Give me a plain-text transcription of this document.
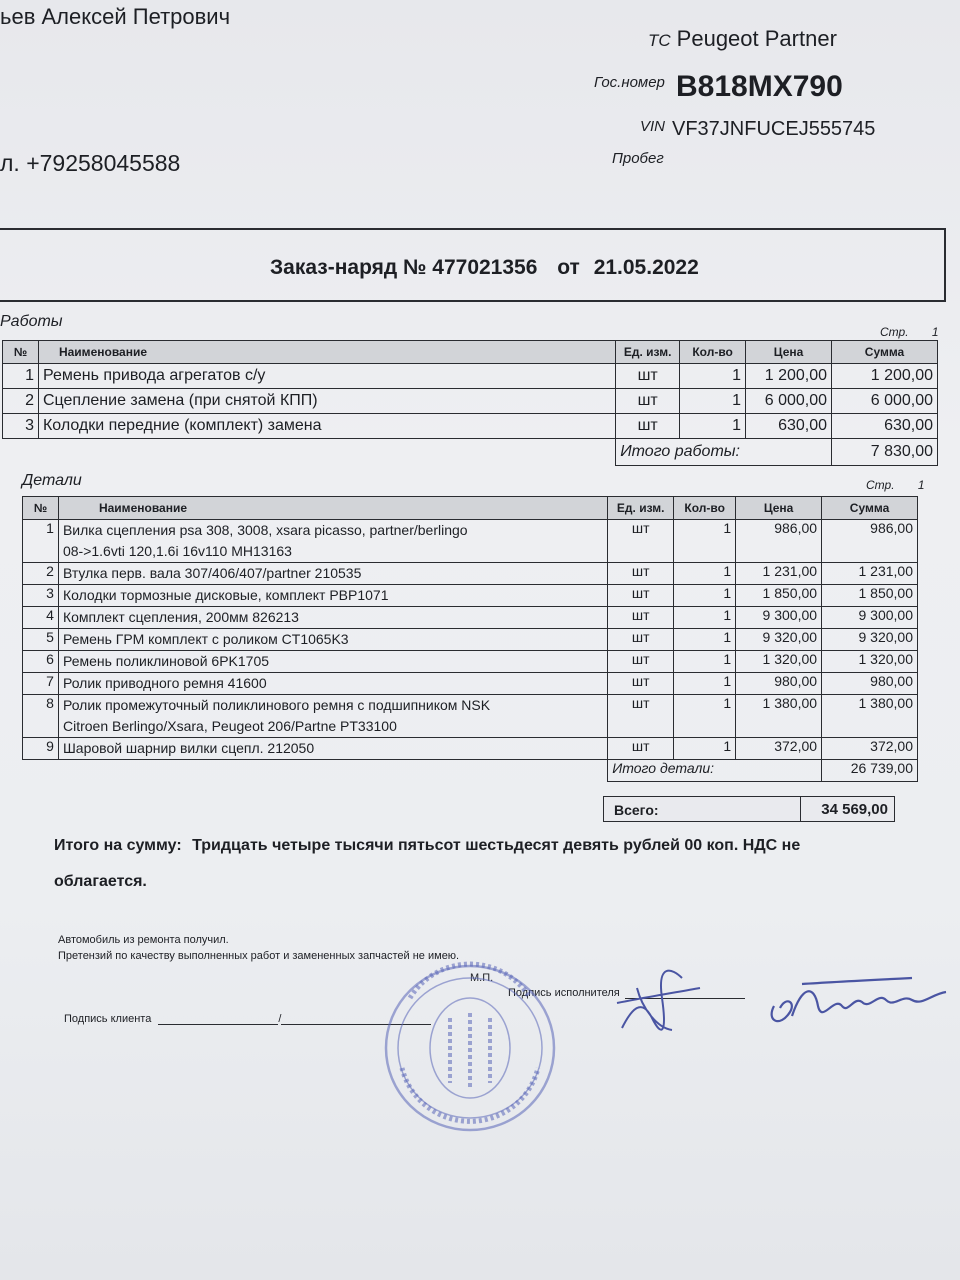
ьев Алексей Петрович
ТС Peugeot Partner
Гос.номер В818МХ790
VIN VF37JNFUCEJ555745
Пробег
л. +79258045588
Заказ-наряд № 477021356 от 21.05.2022
Работы
Стр. 1
№	Наименование	Ед. изм.	Кол-во	Цена	Сумма
1	Ремень привода агрегатов с/у	шт	1	1 200,00	1 200,00
2	Сцепление замена (при снятой КПП)	шт	1	6 000,00	6 000,00
3	Колодки передние (комплект) замена	шт	1	630,00	630,00
		Итого работы:			7 830,00
Детали	Стр. 1
№	Наименование	Ед. изм.	Кол-во	Цена	Сумма
1	Вилка сцепления psa 308, 3008, xsara picasso, partner/berlingo
08->1.6vti 120,1.6i 16v110 MH13163	шт	1	986,00	986,00
2	Втулка перв. вала 307/406/407/partner 210535	шт	1	1 231,00	1 231,00
3	Колодки тормозные дисковые, комплект PBP1071	шт	1	1 850,00	1 850,00
4	Комплект сцепления, 200мм 826213	шт	1	9 300,00	9 300,00
5	Ремень ГРМ комплект с роликом CT1065K3	шт	1	9 320,00	9 320,00
6	Ремень поликлиновой 6PK1705	шт	1	1 320,00	1 320,00
7	Ролик приводного ремня 41600	шт	1	980,00	980,00
8	Ролик промежуточный поликлинового ремня с подшипником NSK
Citroen Berlingo/Xsara, Peugeot 206/Partne PT33100	шт	1	1 380,00	1 380,00
9	Шаровой шарнир вилки сцепл. 212050	шт	1	372,00	372,00
		Итого детали:			26 739,00
Всего:	34 569,00
Итого на сумму: Тридцать четыре тысячи пятьсот шестьдесят девять рублей 00 коп. НДС не облагается.
Автомобиль из ремонта получил.
Претензий по качеству выполненных работ и замененных запчастей не имею.
Подпись клиента	/
М.П.
Подпись исполнителя
